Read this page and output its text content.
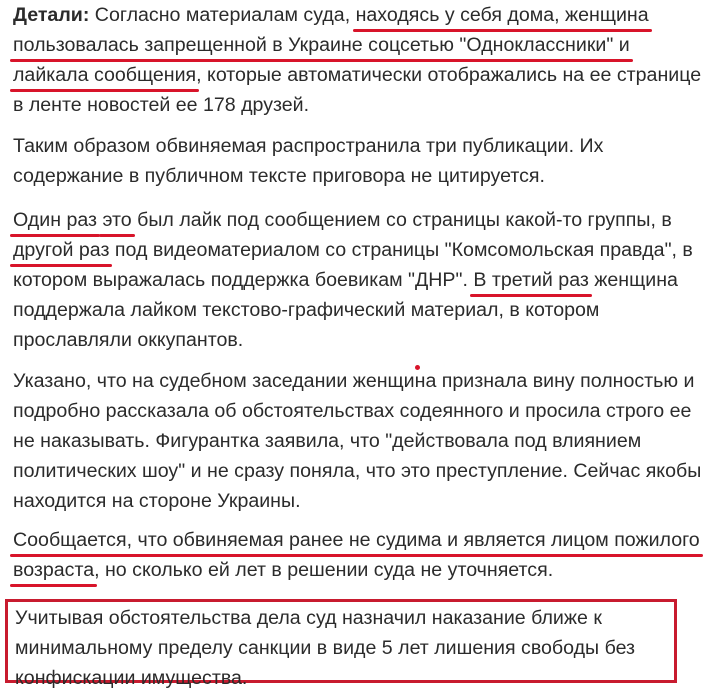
Детали: Согласно материалам суда, находясь у себя дома, женщина
пользовалась запрещенной в Украине соцсетью "Одноклассники" и
лайкала сообщения, которые автоматически отображались на ее странице
в ленте новостей ее 178 друзей.

Таким образом обвиняемая распространила три публикации. Их
содержание в публичном тексте приговора не цитируется.

Один раз это был лайк под сообщением со страницы какой-то группы, в
другой раз под видеоматериалом со страницы "Комсомольская правда", в
котором выражалась поддержка боевикам "ДНР". В третий раз женщина
поддержала лайком текстово-графический материал, в котором
прославляли оккупантов.

Указано, что на судебном заседании женщина признала вину полностью и
подробно рассказала об обстоятельствах содеянного и просила строго ее
не наказывать. Фигурантка заявила, что "действовала под влиянием
политических шоу" и не сразу поняла, что это преступление. Сейчас якобы
находится на стороне Украины.

Сообщается, что обвиняемая ранее не судима и является лицом пожилого
возраста, но сколько ей лет в решении суда не уточняется.

Учитывая обстоятельства дела суд назначил наказание ближе к
минимальному пределу санкции в виде 5 лет лишения свободы без
конфискации имущества.
